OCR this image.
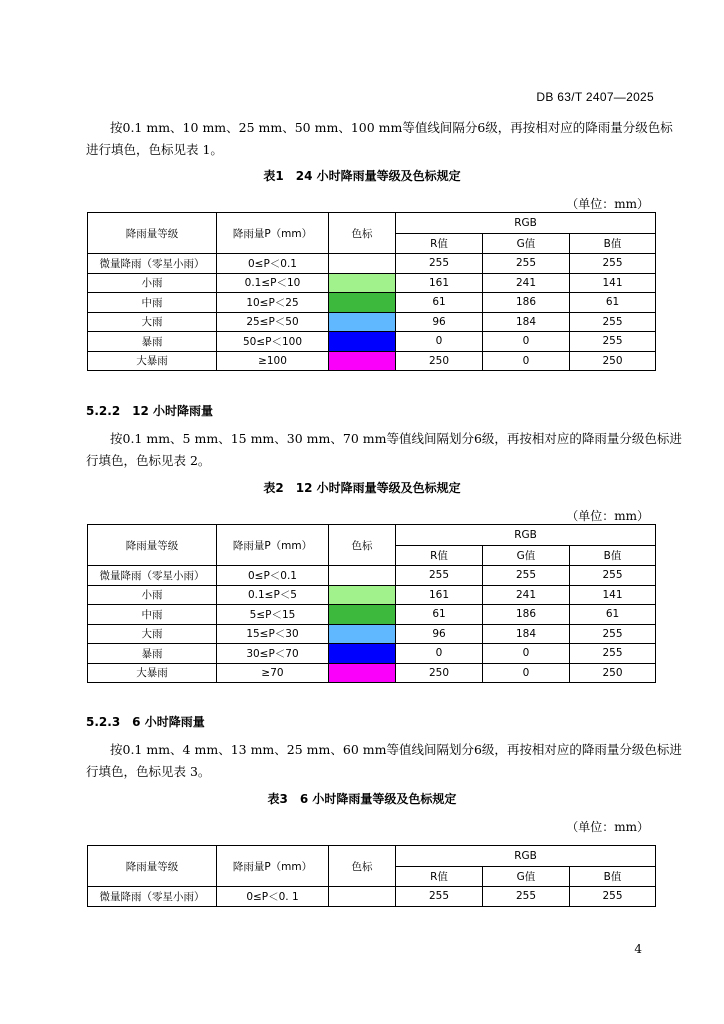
DB 63/T 2407—2025
按0.1 mm、10 mm、25 mm、50 mm、100 mm等值线间隔分6级，再按相对应的降雨量分级色标
进行填色，色标见表 1。
表1　24 小时降雨量等级及色标规定
（单位：mm）
降雨量等级	降雨量P（mm）	色标	RGB		
			R值	G值	B值
微量降雨（零星小雨）	0≤P＜0.1		255	255	255
小雨	0.1≤P＜10		161	241	141
中雨	10≤P＜25		61	186	61
大雨	25≤P＜50		96	184	255
暴雨	50≤P＜100		0	0	255
大暴雨	≥100		250	0	250
5.2.2　12 小时降雨量
按0.1 mm、5 mm、15 mm、30 mm、70 mm等值线间隔划分6级，再按相对应的降雨量分级色标进
行填色，色标见表 2。
表2　12 小时降雨量等级及色标规定
（单位：mm）
降雨量等级	降雨量P（mm）	色标	RGB		
			R值	G值	B值
微量降雨（零星小雨）	0≤P＜0.1		255	255	255
小雨	0.1≤P＜5		161	241	141
中雨	5≤P＜15		61	186	61
大雨	15≤P＜30		96	184	255
暴雨	30≤P＜70		0	0	255
大暴雨	≥70		250	0	250
5.2.3　6 小时降雨量
按0.1 mm、4 mm、13 mm、25 mm、60 mm等值线间隔划分6级，再按相对应的降雨量分级色标进
行填色，色标见表 3。
表3　6 小时降雨量等级及色标规定
（单位：mm）
降雨量等级	降雨量P（mm）	色标	RGB		
			R值	G值	B值
微量降雨（零星小雨）	0≤P＜0. 1		255	255	255
4
